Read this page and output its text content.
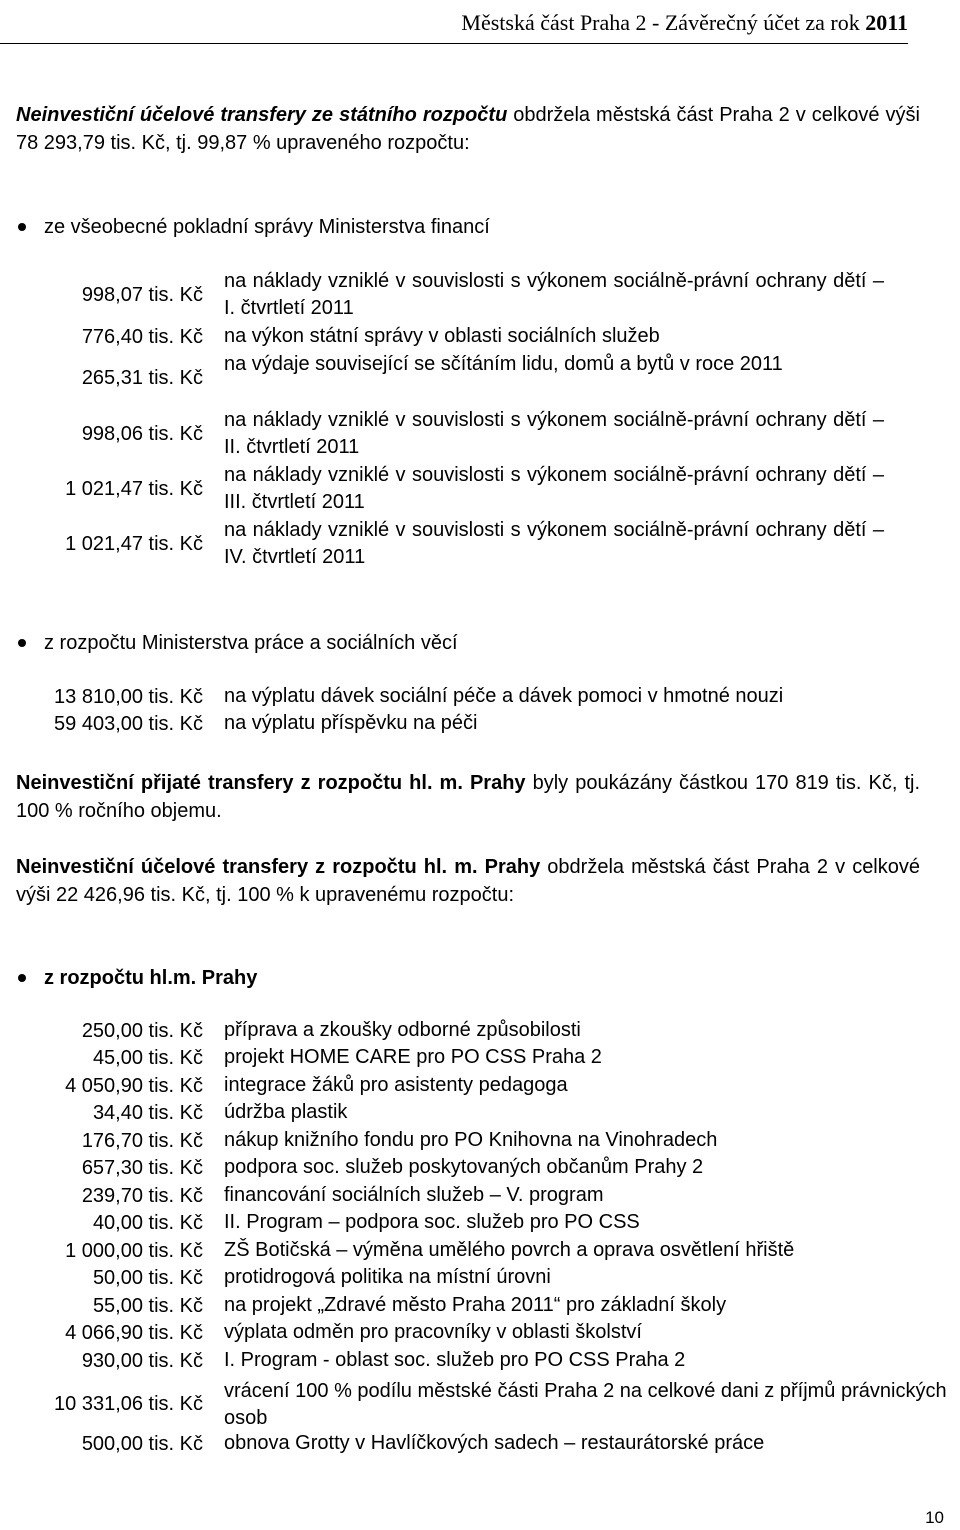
Městská část Praha 2 - Závěrečný účet za rok 2011
Neinvestiční účelové transfery ze státního rozpočtu obdržela městská část Praha 2 v celkové výši 78 293,79 tis. Kč, tj. 99,87 % upraveného rozpočtu:
ze všeobecné pokladní správy Ministerstva financí
998,07 tis. Kč
na náklady vzniklé v souvislosti s výkonem sociálně-právní ochrany dětí – I. čtvrtletí 2011
776,40 tis. Kč na výkon státní správy v oblasti sociálních služeb
265,31 tis. Kč
na výdaje související se sčítáním lidu, domů a bytů v roce 2011
998,06 tis. Kč
na náklady vzniklé v souvislosti s výkonem sociálně-právní ochrany dětí – II. čtvrtletí 2011
1 021,47 tis. Kč
na náklady vzniklé v souvislosti s výkonem sociálně-právní ochrany dětí – III. čtvrtletí 2011
1 021,47 tis. Kč
na náklady vzniklé v souvislosti s výkonem sociálně-právní ochrany dětí – IV. čtvrtletí 2011
z rozpočtu Ministerstva práce a sociálních věcí
13 810,00 tis. Kč na výplatu dávek sociální péče a dávek pomoci v hmotné nouzi
59 403,00 tis. Kč na výplatu příspěvku na péči
Neinvestiční přijaté transfery z rozpočtu hl. m. Prahy byly poukázány částkou 170 819 tis. Kč, tj. 100 % ročního objemu.
Neinvestiční účelové transfery z rozpočtu hl. m. Prahy obdržela městská část Praha 2 v celkové výši 22 426,96 tis. Kč, tj. 100 % k upravenému rozpočtu:
z rozpočtu hl.m. Prahy
250,00 tis. Kč příprava a zkoušky odborné způsobilosti
45,00 tis. Kč projekt HOME CARE pro PO CSS Praha 2
4 050,90 tis. Kč integrace žáků pro asistenty pedagoga
34,40 tis. Kč údržba plastik
176,70 tis. Kč nákup knižního fondu pro PO Knihovna na Vinohradech
657,30 tis. Kč podpora soc. služeb poskytovaných občanům Prahy 2
239,70 tis. Kč financování sociálních služeb – V. program
40,00 tis. Kč II. Program – podpora soc. služeb pro PO CSS
1 000,00 tis. Kč ZŠ Botičská – výměna umělého povrch a oprava osvětlení hřiště
50,00 tis. Kč protidrogová politika na místní úrovni
55,00 tis. Kč na projekt „Zdravé město Praha 2011“ pro základní školy
4 066,90 tis. Kč výplata odměn pro pracovníky v oblasti školství
930,00 tis. Kč I. Program - oblast soc. služeb pro PO CSS Praha 2
10 331,06 tis. Kč
vrácení 100 % podílu městské části Praha 2 na celkové dani z příjmů právnických osob
500,00 tis. Kč obnova Grotty v Havlíčkových sadech – restaurátorské práce
10
